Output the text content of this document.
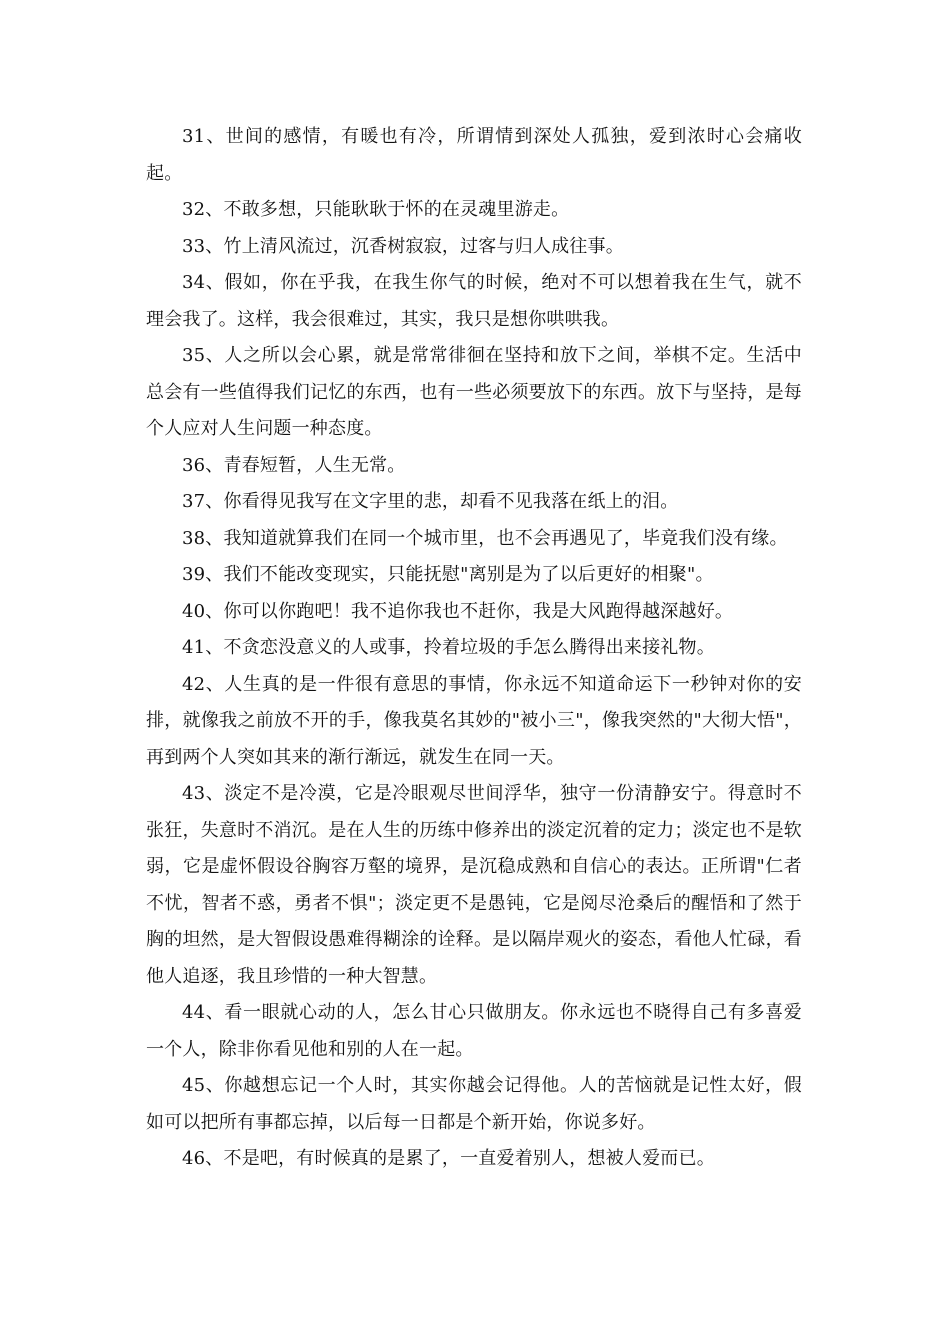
31、世间的感情，有暖也有冷，所谓情到深处人孤独，爱到浓时心会痛收起。

32、不敢多想，只能耿耿于怀的在灵魂里游走。

33、竹上清风流过，沉香树寂寂，过客与归人成往事。

34、假如，你在乎我，在我生你气的时候，绝对不可以想着我在生气，就不理会我了。这样，我会很难过，其实，我只是想你哄哄我。

35、人之所以会心累，就是常常徘徊在坚持和放下之间，举棋不定。生活中总会有一些值得我们记忆的东西，也有一些必须要放下的东西。放下与坚持，是每个人应对人生问题一种态度。

36、青春短暂，人生无常。

37、你看得见我写在文字里的悲，却看不见我落在纸上的泪。

38、我知道就算我们在同一个城市里，也不会再遇见了，毕竟我们没有缘。

39、我们不能改变现实，只能抚慰"离别是为了以后更好的相聚"。

40、你可以你跑吧！我不追你我也不赶你，我是大风跑得越深越好。

41、不贪恋没意义的人或事，拎着垃圾的手怎么腾得出来接礼物。

42、人生真的是一件很有意思的事情，你永远不知道命运下一秒钟对你的安排，就像我之前放不开的手，像我莫名其妙的"被小三"，像我突然的"大彻大悟"，再到两个人突如其来的渐行渐远，就发生在同一天。

43、淡定不是冷漠，它是冷眼观尽世间浮华，独守一份清静安宁。得意时不张狂，失意时不消沉。是在人生的历练中修养出的淡定沉着的定力；淡定也不是软弱，它是虚怀假设谷胸容万壑的境界，是沉稳成熟和自信心的表达。正所谓"仁者不忧，智者不惑，勇者不惧"；淡定更不是愚钝，它是阅尽沧桑后的醒悟和了然于胸的坦然，是大智假设愚难得糊涂的诠释。是以隔岸观火的姿态，看他人忙碌，看他人追逐，我且珍惜的一种大智慧。

44、看一眼就心动的人，怎么甘心只做朋友。你永远也不晓得自己有多喜爱一个人，除非你看见他和别的人在一起。

45、你越想忘记一个人时，其实你越会记得他。人的苦恼就是记性太好，假如可以把所有事都忘掉，以后每一日都是个新开始，你说多好。

46、不是吧，有时候真的是累了，一直爱着别人，想被人爱而已。
